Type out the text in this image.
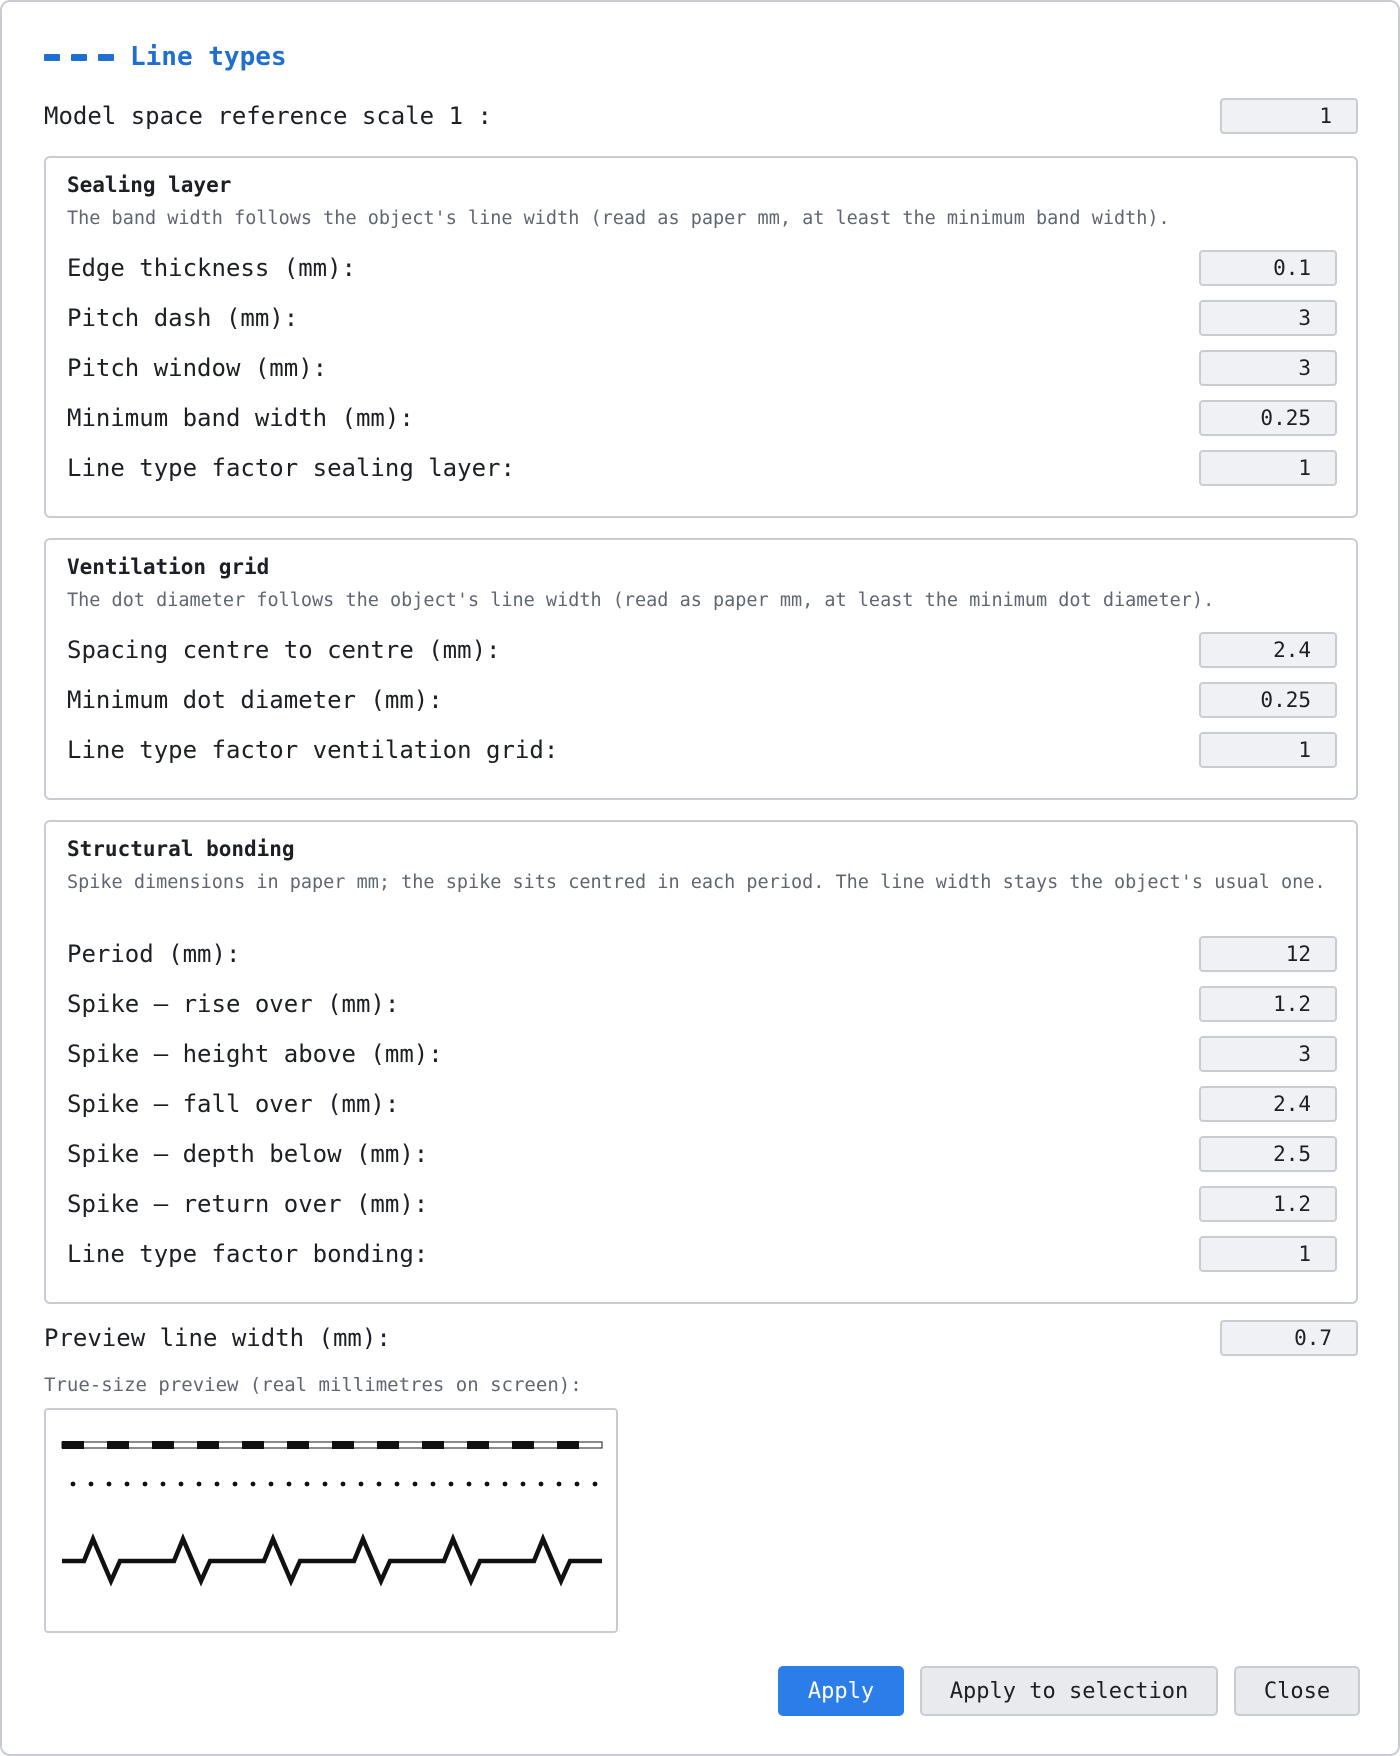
Line types
Model space reference scale 1 :
1
Sealing layer
The band width follows the object's line width (read as paper mm, at least the minimum band width).
Edge thickness (mm):
0.1
Pitch dash (mm):
3
Pitch window (mm):
3
Minimum band width (mm):
0.25
Line type factor sealing layer:
1
Ventilation grid
The dot diameter follows the object's line width (read as paper mm, at least the minimum dot diameter).
Spacing centre to centre (mm):
2.4
Minimum dot diameter (mm):
0.25
Line type factor ventilation grid:
1
Structural bonding
Spike dimensions in paper mm; the spike sits centred in each period. The line width stays the object's usual one.
Period (mm):
12
Spike – rise over (mm):
1.2
Spike – height above (mm):
3
Spike – fall over (mm):
2.4
Spike – depth below (mm):
2.5
Spike – return over (mm):
1.2
Line type factor bonding:
1
Preview line width (mm):
0.7
True-size preview (real millimetres on screen):
Apply	Apply to selection	Close
